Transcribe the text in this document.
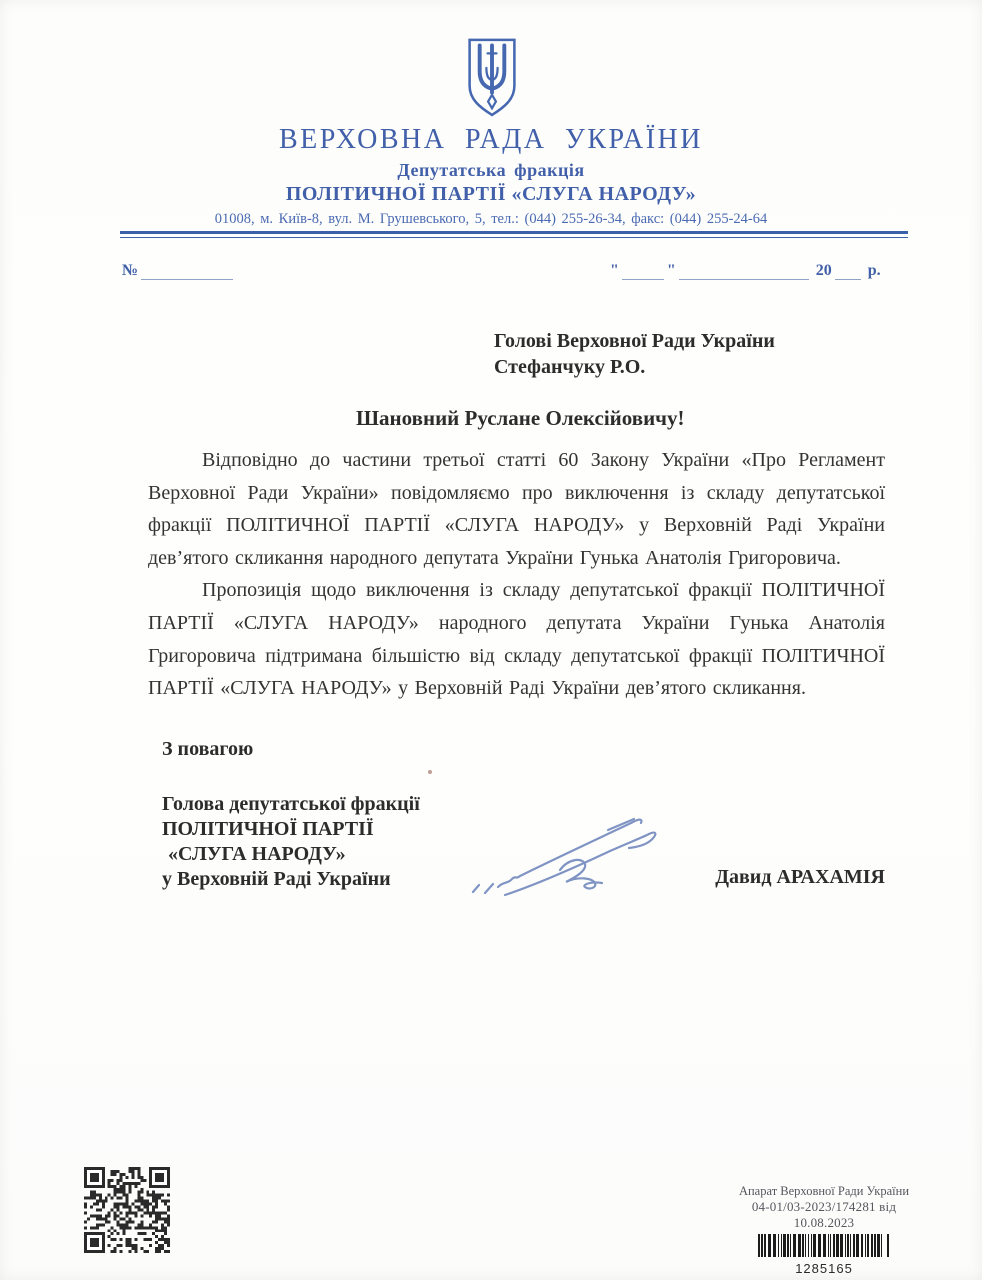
ВЕРХОВНА РАДА УКРАЇНИ
Депутатська фракція
ПОЛІТИЧНОЇ ПАРТІЇ «СЛУГА НАРОДУ»
01008, м. Київ-8, вул. М. Грушевського, 5, тел.: (044) 255-26-34, факс: (044) 255-24-64
№	"	"	20 р.
Голові Верховної Ради України
Стефанчуку Р.О.
Шановний Руслане Олексійовичу!

Відповідно до частини третьої статті 60 Закону України «Про Регламент Верховної Ради України» повідомляємо про виключення із складу депутатської фракції ПОЛІТИЧНОЇ ПАРТІЇ «СЛУГА НАРОДУ» у Верховній Раді України дев’ятого скликання народного депутата України Гунька Анатолія Григоровича.

Пропозиція щодо виключення із складу депутатської фракції ПОЛІТИЧНОЇ ПАРТІЇ «СЛУГА НАРОДУ» народного депутата України Гунька Анатолія Григоровича підтримана більшістю від складу депутатської фракції ПОЛІТИЧНОЇ ПАРТІЇ «СЛУГА НАРОДУ» у Верховній Раді України дев’ятого скликання.

З повагою
Голова депутатської фракції
ПОЛІТИЧНОЇ ПАРТІЇ
«СЛУГА НАРОДУ»
у Верховній Раді України	Давид АРАХАМІЯ
Апарат Верховної Ради України
04-01/03-2023/174281 від 10.08.2023
1285165
